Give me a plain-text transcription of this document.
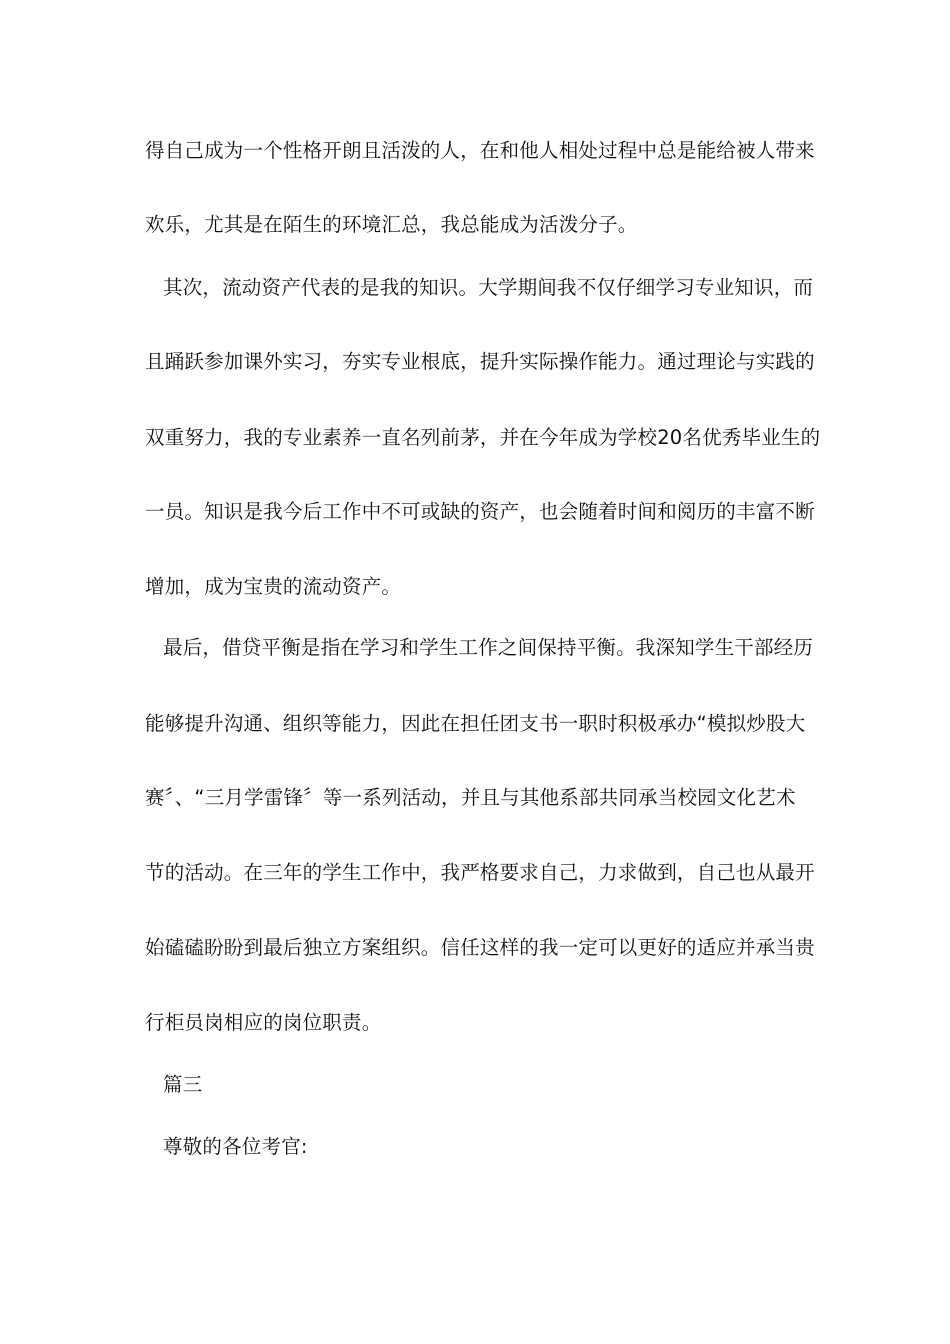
得自己成为一个性格开朗且活泼的人，在和他人相处过程中总是能给被人带来
欢乐，尤其是在陌生的环境汇总，我总能成为活泼分子。
其次，流动资产代表的是我的知识。大学期间我不仅仔细学习专业知识，而
且踊跃参加课外实习，夯实专业根底，提升实际操作能力。通过理论与实践的
双重努力，我的专业素养一直名列前茅，并在今年成为学校20名优秀毕业生的
一员。知识是我今后工作中不可或缺的资产，也会随着时间和阅历的丰富不断
增加，成为宝贵的流动资产。
最后，借贷平衡是指在学习和学生工作之间保持平衡。我深知学生干部经历
能够提升沟通、组织等能力，因此在担任团支书一职时积极承办“模拟炒股大
赛〞、“三月学雷锋〞等一系列活动，并且与其他系部共同承当校园文化艺术
节的活动。在三年的学生工作中，我严格要求自己，力求做到，自己也从最开
始磕磕盼盼到最后独立方案组织。信任这样的我一定可以更好的适应并承当贵
行柜员岗相应的岗位职责。
篇三
尊敬的各位考官:
